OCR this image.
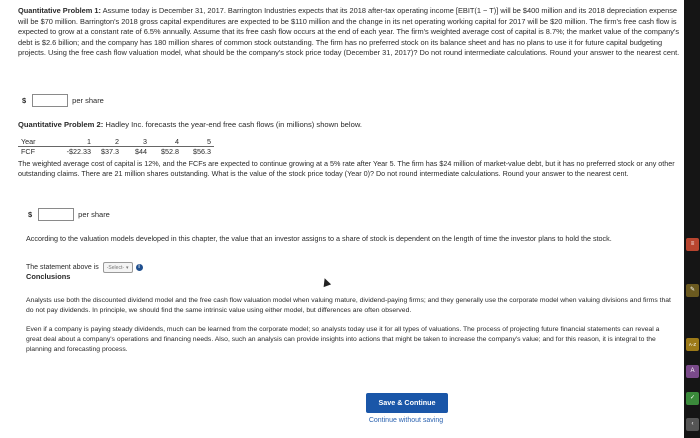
Quantitative Problem 1: Assume today is December 31, 2017. Barrington Industries expects that its 2018 after-tax operating income [EBIT(1 − T)] will be $400 million and its 2018 depreciation expense will be $70 million. Barrington's 2018 gross capital expenditures are expected to be $110 million and the change in its net operating working capital for 2017 will be $20 million. The firm's free cash flow is expected to grow at a constant rate of 6.5% annually. Assume that its free cash flow occurs at the end of each year. The firm's weighted average cost of capital is 8.7%; the market value of the company's debt is $2.6 billion; and the company has 180 million shares of common stock outstanding. The firm has no preferred stock on its balance sheet and has no plans to use it for future capital budgeting projects. Using the free cash flow valuation model, what should be the company's stock price today (December 31, 2017)? Do not round intermediate calculations. Round your answer to the nearest cent.
$	per share
Quantitative Problem 2: Hadley Inc. forecasts the year-end free cash flows (in millions) shown below.
Year	1	2	3	4	5
FCF	-$22.33	$37.3	$44	$52.8	$56.3
The weighted average cost of capital is 12%, and the FCFs are expected to continue growing at a 5% rate after Year 5. The firm has $24 million of market-value debt, but it has no preferred stock or any other outstanding claims. There are 21 million shares outstanding. What is the value of the stock price today (Year 0)? Do not round intermediate calculations. Round your answer to the nearest cent.
$	per share
According to the valuation models developed in this chapter, the value that an investor assigns to a share of stock is dependent on the length of time the investor plans to hold the stock.
The statement above is -Select- ▾	i
Conclusions
Analysts use both the discounted dividend model and the free cash flow valuation model when valuing mature, dividend-paying firms; and they generally use the corporate model when valuing divisions and firms that do not pay dividends. In principle, we should find the same intrinsic value using either model, but differences are often observed.
Even if a company is paying steady dividends, much can be learned from the corporate model; so analysts today use it for all types of valuations. The process of projecting future financial statements can reveal a great deal about a company's operations and financing needs. Also, such an analysis can provide insights into actions that might be taken to increase the company's value; and for this reason, it is integral to the planning and forecasting process.
Save & Continue
Continue without saving
≡
✎
A-Z
A
✓
‹
